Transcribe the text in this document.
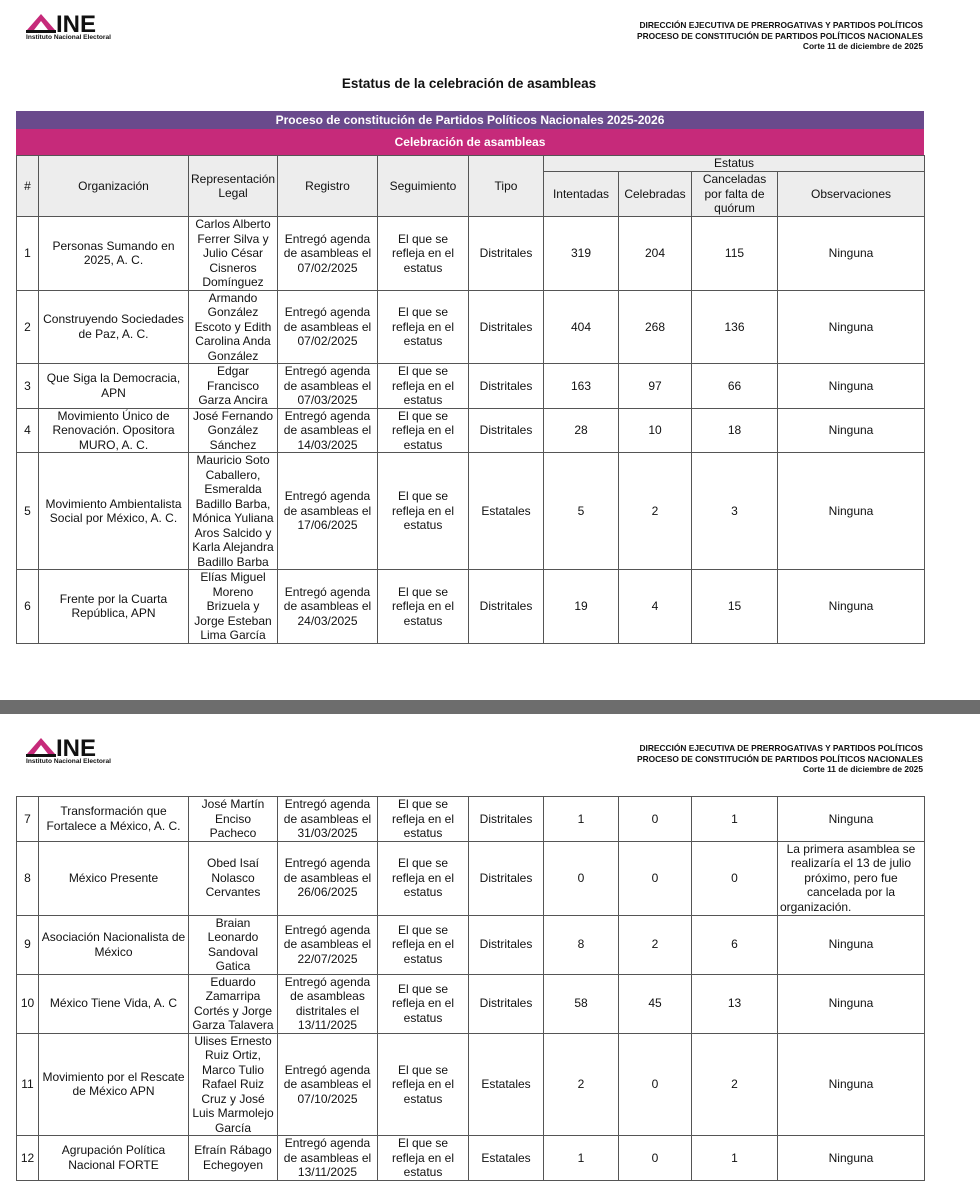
INE
Instituto Nacional Electoral
DIRECCIÓN EJECUTIVA DE PRERROGATIVAS Y PARTIDOS POLÍTICOS
PROCESO DE CONSTITUCIÓN DE PARTIDOS POLÍTICOS NACIONALES
Corte 11 de diciembre de 2025
Estatus de la celebración de asambleas
Proceso de constitución de Partidos Políticos Nacionales 2025-2026
Celebración de asambleas
#	Organización	Representación Legal	Registro	Seguimiento	Tipo	Estatus			
						Intentadas	Celebradas	Canceladas por falta de quórum	Observaciones
1	Personas Sumando en 2025, A. C.	Carlos Alberto Ferrer Silva y Julio César Cisneros Domínguez	Entregó agenda de asambleas el 07/02/2025	El que se refleja en el estatus	Distritales	319	204	115	Ninguna
2	Construyendo Sociedades de Paz, A. C.	Armando González Escoto y Edith Carolina Anda González	Entregó agenda de asambleas el 07/02/2025	El que se refleja en el estatus	Distritales	404	268	136	Ninguna
3	Que Siga la Democracia, APN	Edgar Francisco Garza Ancira	Entregó agenda de asambleas el 07/03/2025	El que se refleja en el estatus	Distritales	163	97	66	Ninguna
4	Movimiento Único de Renovación. Opositora MURO, A. C.	José Fernando González Sánchez	Entregó agenda de asambleas el 14/03/2025	El que se refleja en el estatus	Distritales	28	10	18	Ninguna
5	Movimiento Ambientalista Social por México, A. C.	Mauricio Soto Caballero, Esmeralda Badillo Barba, Mónica Yuliana Aros Salcido y Karla Alejandra Badillo Barba	Entregó agenda de asambleas el 17/06/2025	El que se refleja en el estatus	Estatales	5	2	3	Ninguna
6	Frente por la Cuarta República, APN	Elías Miguel Moreno Brizuela y Jorge Esteban Lima García	Entregó agenda de asambleas el 24/03/2025	El que se refleja en el estatus	Distritales	19	4	15	Ninguna
INE
Instituto Nacional Electoral
DIRECCIÓN EJECUTIVA DE PRERROGATIVAS Y PARTIDOS POLÍTICOS
PROCESO DE CONSTITUCIÓN DE PARTIDOS POLÍTICOS NACIONALES
Corte 11 de diciembre de 2025
7	Transformación que Fortalece a México, A. C.	José Martín Enciso Pacheco	Entregó agenda de asambleas el 31/03/2025	El que se refleja en el estatus	Distritales	1	0	1	Ninguna
8	México Presente	Obed Isaí Nolasco Cervantes	Entregó agenda de asambleas el 26/06/2025	El que se refleja en el estatus	Distritales	0	0	0	La primera asamblea se realizaría el 13 de julio próximo, pero fue cancelada por la organización.
9	Asociación Nacionalista de México	Braian Leonardo Sandoval Gatica	Entregó agenda de asambleas el 22/07/2025	El que se refleja en el estatus	Distritales	8	2	6	Ninguna
10	México Tiene Vida, A. C	Eduardo Zamarripa Cortés y Jorge Garza Talavera	Entregó agenda de asambleas distritales el 13/11/2025	El que se refleja en el estatus	Distritales	58	45	13	Ninguna
11	Movimiento por el Rescate de México APN	Ulises Ernesto Ruiz Ortiz, Marco Tulio Rafael Ruiz Cruz y José Luis Marmolejo García	Entregó agenda de asambleas el 07/10/2025	El que se refleja en el estatus	Estatales	2	0	2	Ninguna
12	Agrupación Política Nacional FORTE	Efraín Rábago Echegoyen	Entregó agenda de asambleas el 13/11/2025	El que se refleja en el estatus	Estatales	1	0	1	Ninguna
